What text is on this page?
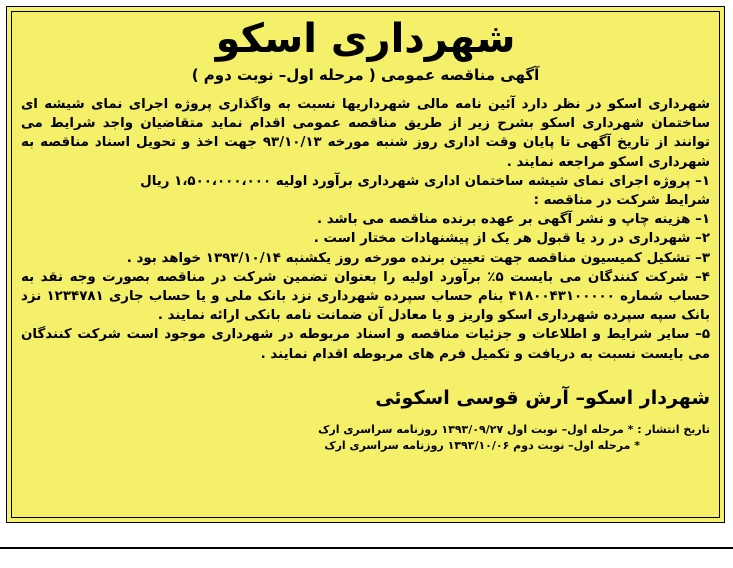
شهرداری اسکو
آگهی مناقصه عمومی ( مرحله اول– نوبت دوم )

شهرداری اسکو در نظر دارد آئین نامه مالی شهرداریها نسبت به واگذاری پروژه اجرای نمای شیشه ای ساختمان شهرداری اسکو بشرح زیر از طریق مناقصه عمومی اقدام نماید متقاضیان واجد شرایط می توانند از تاریخ آگهی تا پایان وقت اداری روز شنبه مورخه ۹۳/۱۰/۱۳ جهت اخذ و تحویل اسناد مناقصه به شهرداری اسکو مراجعه نمایند .

۱– پروژه اجرای نمای شیشه ساختمان اداری شهرداری برآورد اولیه ۱،۵۰۰،۰۰۰،۰۰۰ ریال

شرایط شرکت در مناقصه :

۱– هزینه چاپ و نشر آگهی بر عهده برنده مناقصه می باشد .

۲– شهرداری در رد یا قبول هر یک از پیشنهادات مختار است .

۳– تشکیل کمیسیون مناقصه جهت تعیین برنده مورخه روز یکشنبه ۱۳۹۳/۱۰/۱۴ خواهد بود .

۴– شرکت کنندگان می بایست ۵٪ برآورد اولیه را بعنوان تضمین شرکت در مناقصه بصورت وجه نقد به حساب شماره ۴۱۸۰۰۴۳۱۰۰۰۰۰ بنام حساب سپرده شهرداری نزد بانک ملی و یا حساب جاری ۱۲۳۴۷۸۱ نزد بانک سپه سپرده شهرداری اسکو واریز و یا معادل آن ضمانت نامه بانکی ارائه نمایند .

۵– سایر شرایط و اطلاعات و جزئیات مناقصه و اسناد مربوطه در شهرداری موجود است شرکت کنندگان می بایست نسبت به دریافت و تکمیل فرم های مربوطه اقدام نمایند .

شهردار اسکو– آرش قوسی اسکوئی
تاریخ انتشار : * مرحله اول– نوبت اول ۱۳۹۳/۰۹/۲۷ روزنامه سراسری ارک
* مرحله اول– نوبت دوم ۱۳۹۳/۱۰/۰۶ روزنامه سراسری ارک
